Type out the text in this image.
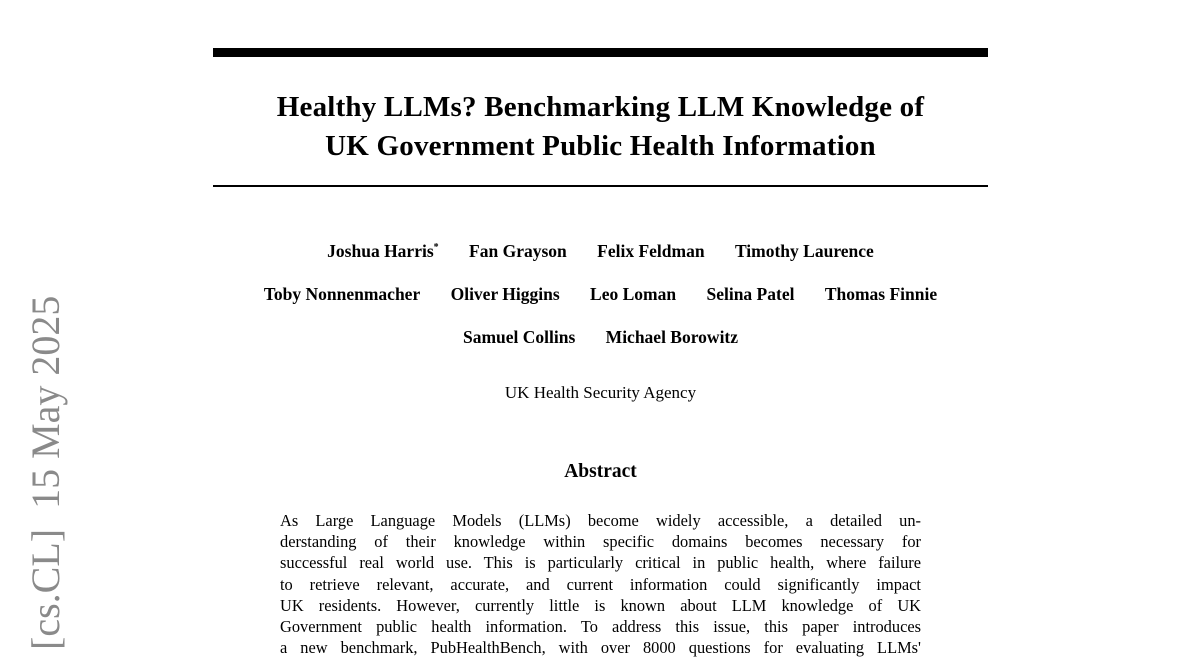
[cs.CL]  15 May 2025
Healthy LLMs? Benchmarking LLM Knowledge of
UK Government Public Health Information
Joshua Harris* Fan Grayson Felix Feldman Timothy Laurence
Toby Nonnenmacher Oliver Higgins Leo Loman Selina Patel Thomas Finnie
Samuel Collins Michael Borowitz
UK Health Security Agency
Abstract
As Large Language Models (LLMs) become widely accessible, a detailed un-
derstanding of their knowledge within specific domains becomes necessary for
successful real world use. This is particularly critical in public health, where failure
to retrieve relevant, accurate, and current information could significantly impact
UK residents. However, currently little is known about LLM knowledge of UK
Government public health information. To address this issue, this paper introduces
a new benchmark, PubHealthBench, with over 8000 questions for evaluating LLMs'
